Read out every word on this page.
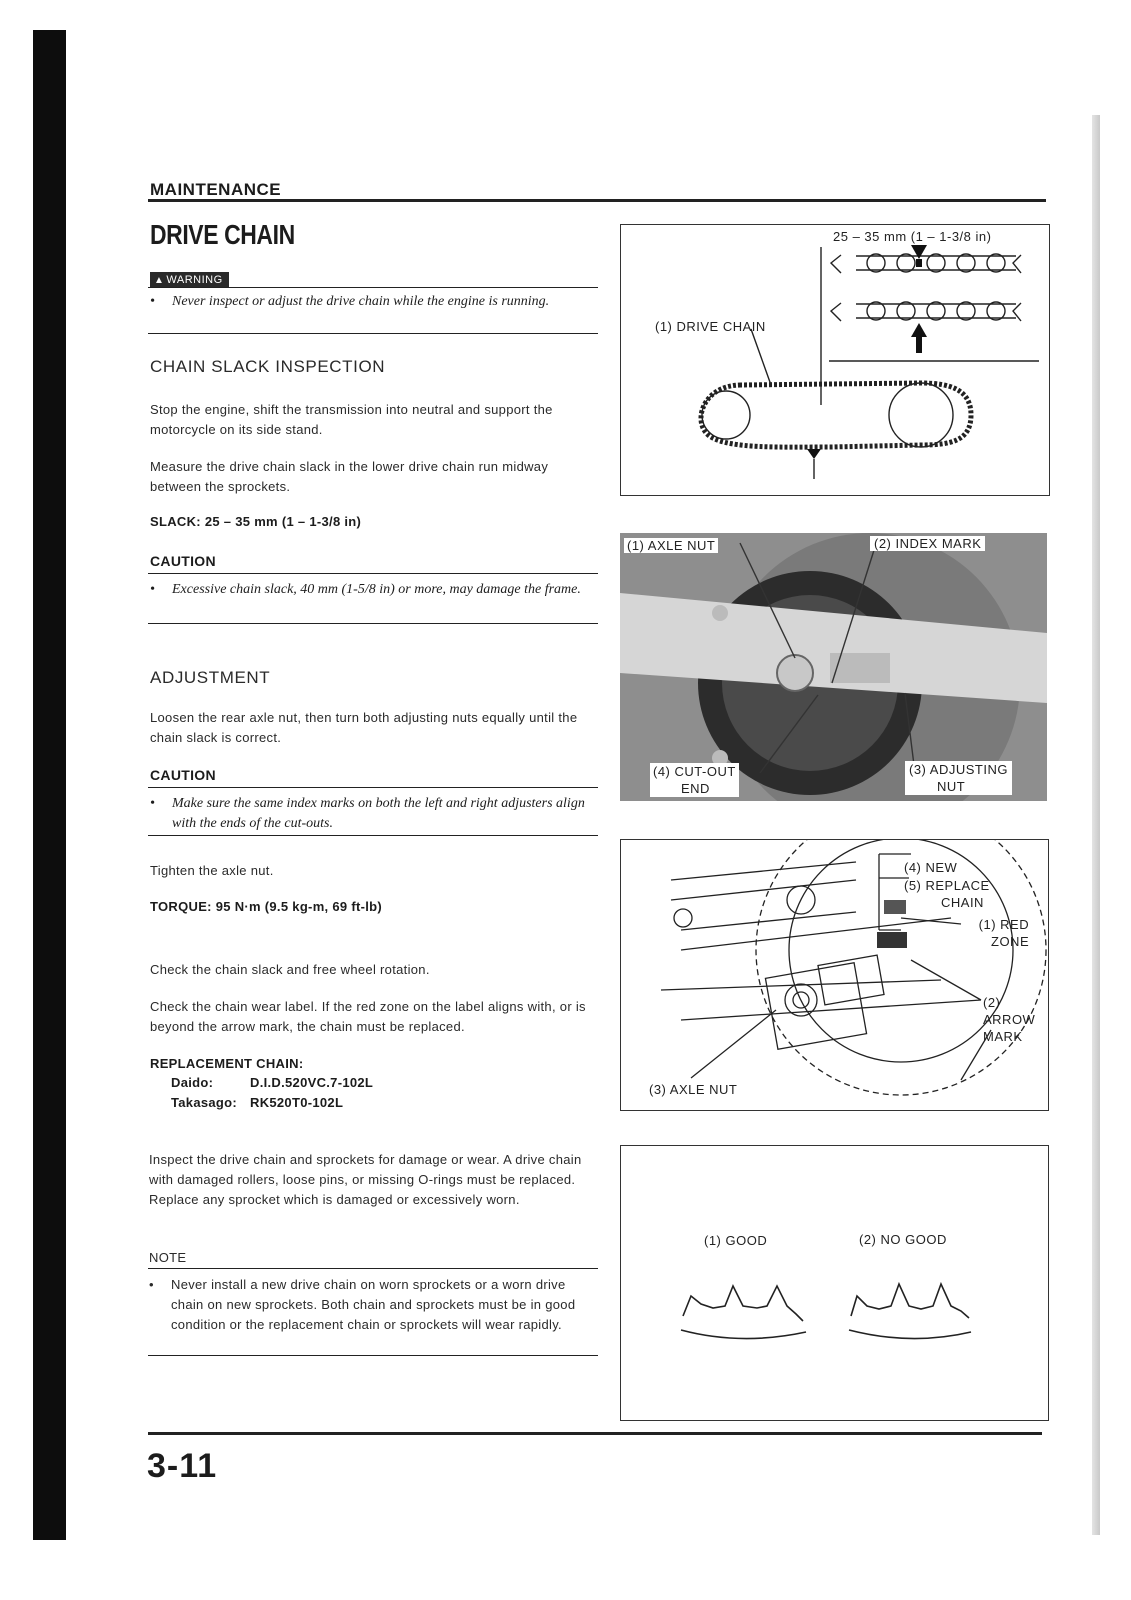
MAINTENANCE
DRIVE CHAIN
▲ WARNING
• Never inspect or adjust the drive chain while the engine is running.
CHAIN SLACK INSPECTION
Stop the engine, shift the transmission into neutral and support the motorcycle on its side stand.
Measure the drive chain slack in the lower drive chain run midway between the sprockets.
SLACK: 25 – 35 mm (1 – 1-3/8 in)
CAUTION
• Excessive chain slack, 40 mm (1-5/8 in) or more, may damage the frame.
ADJUSTMENT
Loosen the rear axle nut, then turn both adjusting nuts equally until the chain slack is correct.
CAUTION
• Make sure the same index marks on both the left and right adjusters align with the ends of the cut-outs.
Tighten the axle nut.
TORQUE: 95 N·m (9.5 kg-m, 69 ft-lb)
Check the chain slack and free wheel rotation.
Check the chain wear label. If the red zone on the label aligns with, or is beyond the arrow mark, the chain must be replaced.
REPLACEMENT CHAIN:
Daido:	D.I.D.520VC.7-102L
Takasago: RK520T0-102L
Inspect the drive chain and sprockets for damage or wear. A drive chain with damaged rollers, loose pins, or missing O-rings must be replaced. Replace any sprocket which is damaged or excessively worn.
NOTE
• Never install a new drive chain on worn sprockets or a worn drive chain on new sprockets. Both chain and sprockets must be in good condition or the replacement chain or sprockets will wear rapidly.
25 – 35 mm (1 – 1-3/8 in)
(1) DRIVE CHAIN
(1) AXLE NUT	(2) INDEX MARK
(4) CUT-OUT
END
(3) ADJUSTING
NUT
(4) NEW
(5) REPLACE
CHAIN
(1) RED
ZONE
(2)
ARROW
MARK
(3) AXLE NUT
(1) GOOD	(2) NO GOOD
3-11
